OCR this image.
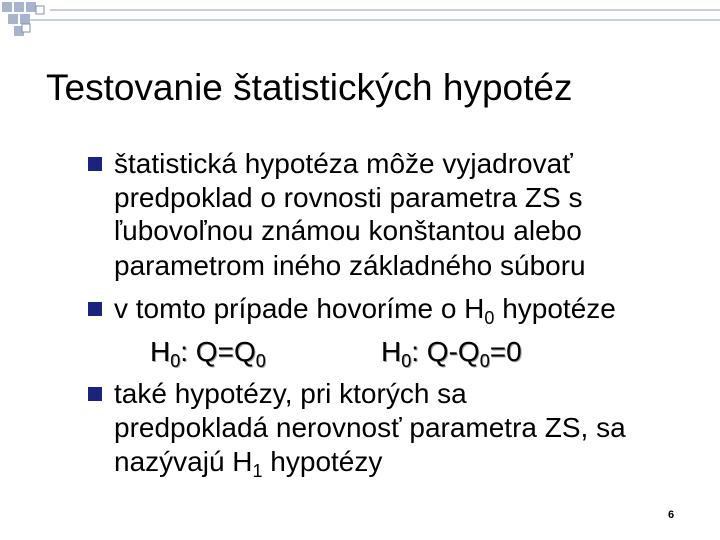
Testovanie štatistických hypotéz
štatistická hypotéza môže vyjadrovať
predpoklad o rovnosti parametra ZS s
ľubovoľnou známou konštantou alebo
parametrom iného základného súboru
v tomto prípade hovoríme o $H_0$ hypotéze
$H_0$: $Q=Q_0$	$H_0$: $Q-Q_0=0$
také hypotézy, pri ktorých sa
predpokladá nerovnosť parametra ZS, sa
nazývajú $H_1$ hypotézy
6
